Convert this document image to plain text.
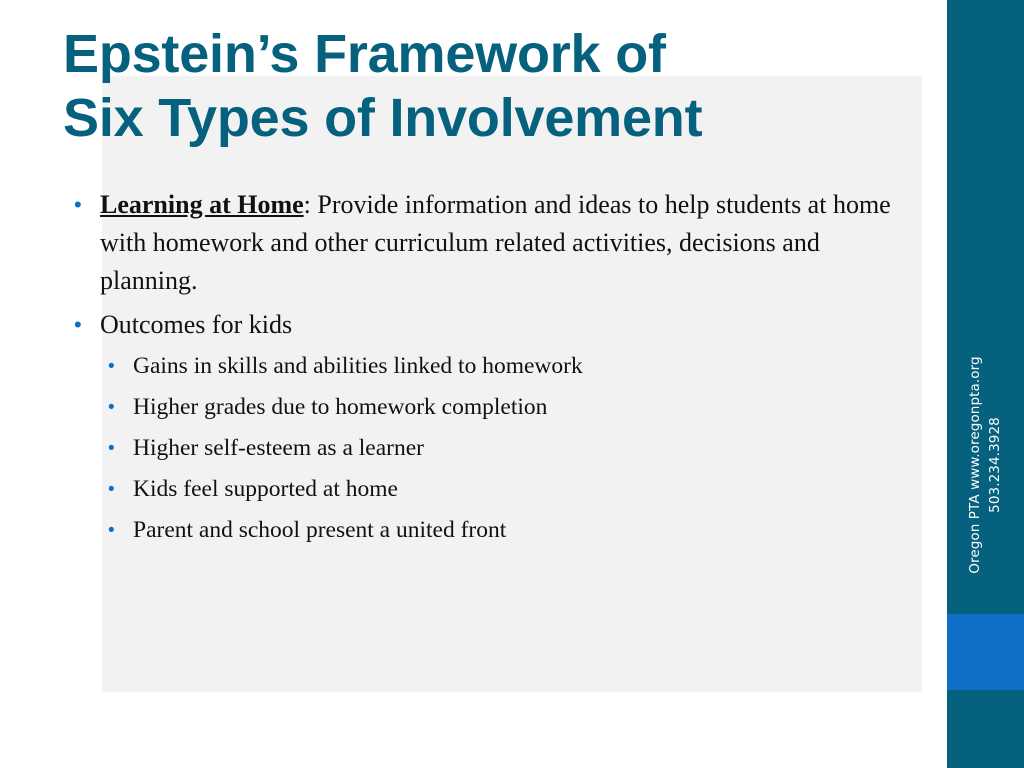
Oregon PTA www.oregonpta.org 503.234.3928
Epstein’s Framework of
Six Types of Involvement
• Learning at Home: Provide information and ideas to help students at home with homework and other curriculum related activities, decisions and planning.
• Outcomes for kids
• Gains in skills and abilities linked to homework
• Higher grades due to homework completion
• Higher self-esteem as a learner
• Kids feel supported at home
• Parent and school present a united front
